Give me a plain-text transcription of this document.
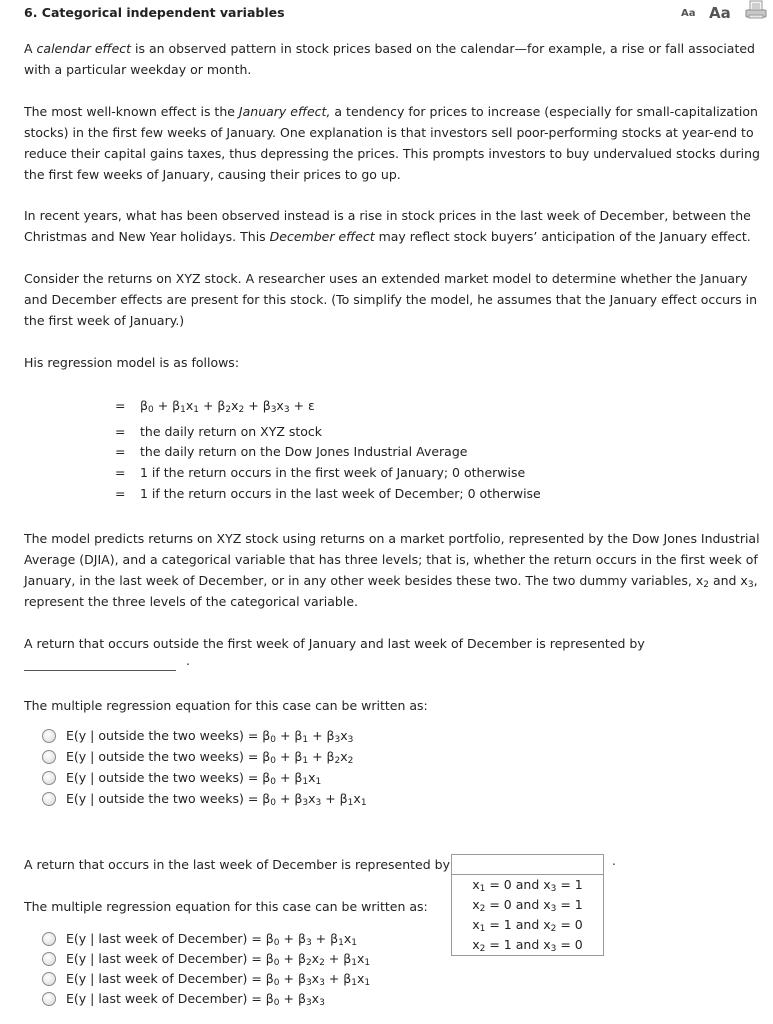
6. Categorical independent variables	Aa Aa

A calendar effect is an observed pattern in stock prices based on the calendar—for example, a rise or fall associated with a particular weekday or month.

The most well-known effect is the January effect, a tendency for prices to increase (especially for small-capitalization stocks) in the first few weeks of January. One explanation is that investors sell poor-performing stocks at year-end to reduce their capital gains taxes, thus depressing the prices. This prompts investors to buy undervalued stocks during the first few weeks of January, causing their prices to go up.

In recent years, what has been observed instead is a rise in stock prices in the last week of December, between the Christmas and New Year holidays. This December effect may reflect stock buyers’ anticipation of the January effect.

Consider the returns on XYZ stock. A researcher uses an extended market model to determine whether the January and December effects are present for this stock. (To simplify the model, he assumes that the January effect occurs in the first week of January.)

His regression model is as follows:

= $\beta_0 + \beta_1x_1 + \beta_2x_2 + \beta_3x_3 + \varepsilon$
= the daily return on XYZ stock
= the daily return on the Dow Jones Industrial Average
= 1 if the return occurs in the first week of January; 0 otherwise
= 1 if the return occurs in the last week of December; 0 otherwise

The model predicts returns on XYZ stock using returns on a market portfolio, represented by the Dow Jones Industrial Average (DJIA), and a categorical variable that has three levels; that is, whether the return occurs in the first week of January, in the last week of December, or in any other week besides these two. The two dummy variables, $x_2$ and $x_3$, represent the three levels of the categorical variable.

A return that occurs outside the first week of January and last week of December is represented by

.

The multiple regression equation for this case can be written as:

E(y | outside the two weeks) = $\beta_0 + \beta_1 + \beta_3x_3$
E(y | outside the two weeks) = $\beta_0 + \beta_1 + \beta_2x_2$
E(y | outside the two weeks) = $\beta_0 + \beta_1x_1$
E(y | outside the two weeks) = $\beta_0 + \beta_3x_3 + \beta_1x_1$

A return that occurs in the last week of December is represented by	.
$x_1 = 0$ and $x_3 = 1$
$x_2 = 0$ and $x_3 = 1$
$x_1 = 1$ and $x_2 = 0$
$x_2 = 1$ and $x_3 = 0$

The multiple regression equation for this case can be written as:

E(y | last week of December) = $\beta_0 + \beta_3 + \beta_1x_1$
E(y | last week of December) = $\beta_0 + \beta_2x_2 + \beta_1x_1$
E(y | last week of December) = $\beta_0 + \beta_3x_3 + \beta_1x_1$
E(y | last week of December) = $\beta_0 + \beta_3x_3$
